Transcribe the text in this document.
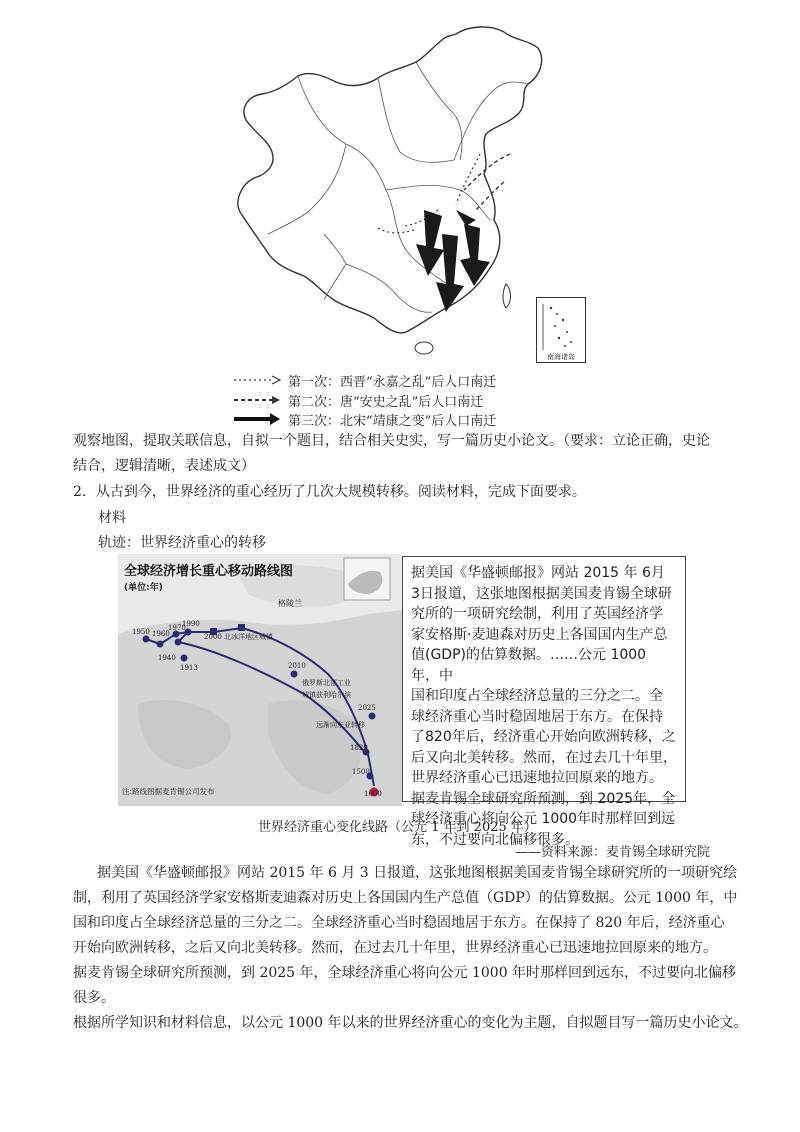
南海诸岛
第一次：西晋“永嘉之乱”后人口南迁
第二次：唐“安史之乱”后人口南迁
第三次：北宋“靖康之变”后人口南迁
观察地图，提取关联信息，自拟一个题目，结合相关史实，写一篇历史小论文。（要求：立论正确，史论
结合，逻辑清晰，表述成文）
2．从古到今，世界经济的重心经历了几次大规模转移。阅读材料，完成下面要求。
材料
轨迹：世界经济重心的转移
全球经济增长重心移动路线图
(单位:年)
格陵兰
1950 1960
1970
1990
1940
1913
1820
1500
1000
2000 北冰洋地区城镇
2010
俄罗斯北部工业
城镇获利哈尔滨
2025
远渐向东亚转移
注:路线图据麦肯锡公司发布
据美国《华盛顿邮报》网站 2015 年 6月
3日报道，这张地图根据美国麦肯锡全球研
究所的一项研究绘制，利用了英国经济学
家安格斯·麦迪森对历史上各国国内生产总
值(GDP)的估算数据。……公元 1000 年，中
国和印度占全球经济总量的三分之二。全
球经济重心当时稳固地居于东方。在保持
了820年后，经济重心开始向欧洲转移，之
后又向北美转移。然而，在过去几十年里，
世界经济重心已迅速地拉回原来的地方。
据麦肯锡全球研究所预测，到 2025年，全
球经济重心将向公元 1000年时那样回到远
东，不过要向北偏移很多。
世界经济重心变化线路（公元 1 年到 2025 年）
——资料来源：麦肯锡全球研究院
据美国《华盛顿邮报》网站 2015 年 6 月 3 日报道，这张地图根据美国麦肯锡全球研究所的一项研究绘
制，利用了英国经济学家安格斯麦迪森对历史上各国国内生产总值（GDP）的估算数据。公元 1000 年，中
国和印度占全球经济总量的三分之二。全球经济重心当时稳固地居于东方。在保持了 820 年后，经济重心
开始向欧洲转移，之后又向北美转移。然而，在过去几十年里，世界经济重心已迅速地拉回原来的地方。
据麦肯锡全球研究所预测，到 2025 年，全球经济重心将向公元 1000 年时那样回到远东，不过要向北偏移
很多。
根据所学知识和材料信息，以公元 1000 年以来的世界经济重心的变化为主题，自拟题目写一篇历史小论文。
